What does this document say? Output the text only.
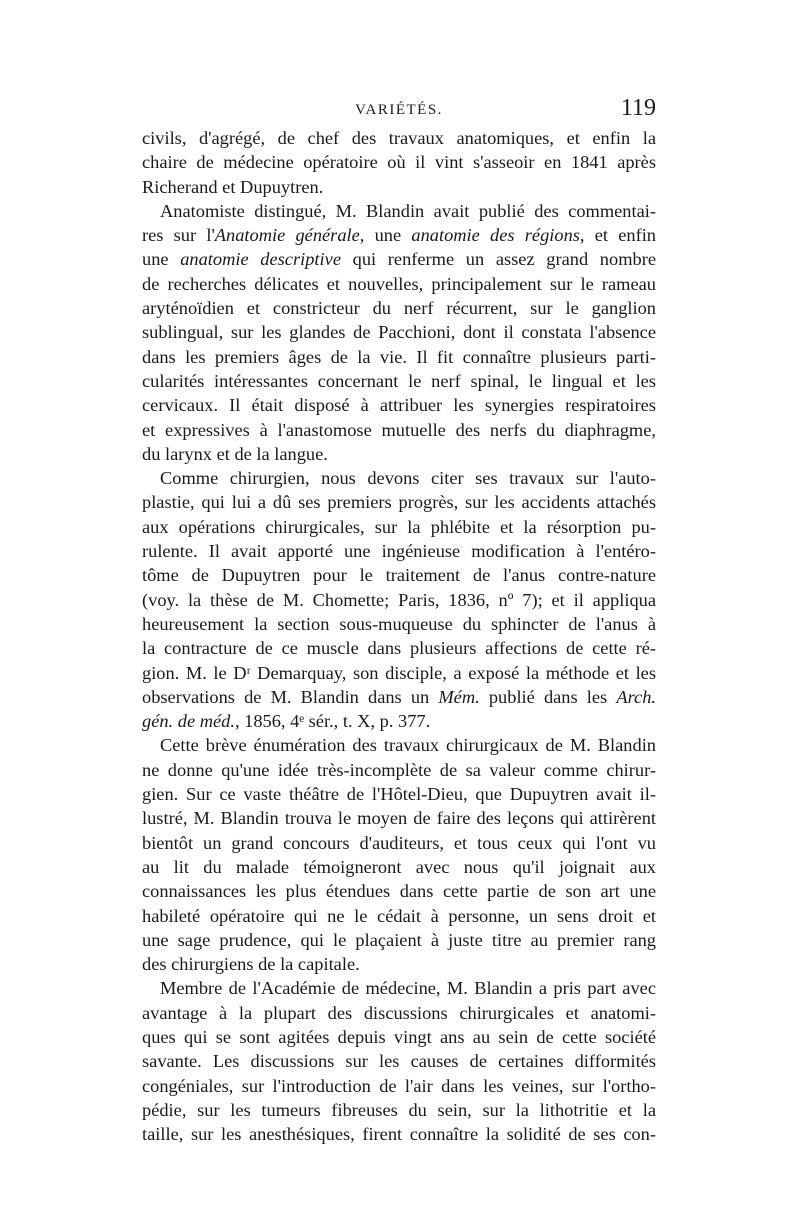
VARIÉTÉS.	119
civils, d'agrégé, de chef des travaux anatomiques, et enfin la
chaire de médecine opératoire où il vint s'asseoir en 1841 après
Richerand et Dupuytren.
Anatomiste distingué, M. Blandin avait publié des commentai-
res sur l'Anatomie générale, une anatomie des régions, et enfin
une anatomie descriptive qui renferme un assez grand nombre
de recherches délicates et nouvelles, principalement sur le rameau
aryténoïdien et constricteur du nerf récurrent, sur le ganglion
sublingual, sur les glandes de Pacchioni, dont il constata l'absence
dans les premiers âges de la vie. Il fit connaître plusieurs parti-
cularités intéressantes concernant le nerf spinal, le lingual et les
cervicaux. Il était disposé à attribuer les synergies respiratoires
et expressives à l'anastomose mutuelle des nerfs du diaphragme,
du larynx et de la langue.
Comme chirurgien, nous devons citer ses travaux sur l'auto-
plastie, qui lui a dû ses premiers progrès, sur les accidents attachés
aux opérations chirurgicales, sur la phlébite et la résorption pu-
rulente. Il avait apporté une ingénieuse modification à l'entéro-
tôme de Dupuytren pour le traitement de l'anus contre-nature
(voy. la thèse de M. Chomette; Paris, 1836, nº 7); et il appliqua
heureusement la section sous-muqueuse du sphincter de l'anus à
la contracture de ce muscle dans plusieurs affections de cette ré-
gion. M. le Dʳ Demarquay, son disciple, a exposé la méthode et les
observations de M. Blandin dans un Mém. publié dans les Arch.
gén. de méd., 1856, 4ᵉ sér., t. X, p. 377.
Cette brève énumération des travaux chirurgicaux de M. Blandin
ne donne qu'une idée très-incomplète de sa valeur comme chirur-
gien. Sur ce vaste théâtre de l'Hôtel-Dieu, que Dupuytren avait il-
lustré, M. Blandin trouva le moyen de faire des leçons qui attirèrent
bientôt un grand concours d'auditeurs, et tous ceux qui l'ont vu
au lit du malade témoigneront avec nous qu'il joignait aux
connaissances les plus étendues dans cette partie de son art une
habileté opératoire qui ne le cédait à personne, un sens droit et
une sage prudence, qui le plaçaient à juste titre au premier rang
des chirurgiens de la capitale.
Membre de l'Académie de médecine, M. Blandin a pris part avec
avantage à la plupart des discussions chirurgicales et anatomi-
ques qui se sont agitées depuis vingt ans au sein de cette société
savante. Les discussions sur les causes de certaines difformités
congéniales, sur l'introduction de l'air dans les veines, sur l'ortho-
pédie, sur les tumeurs fibreuses du sein, sur la lithotritie et la
taille, sur les anesthésiques, firent connaître la solidité de ses con-
